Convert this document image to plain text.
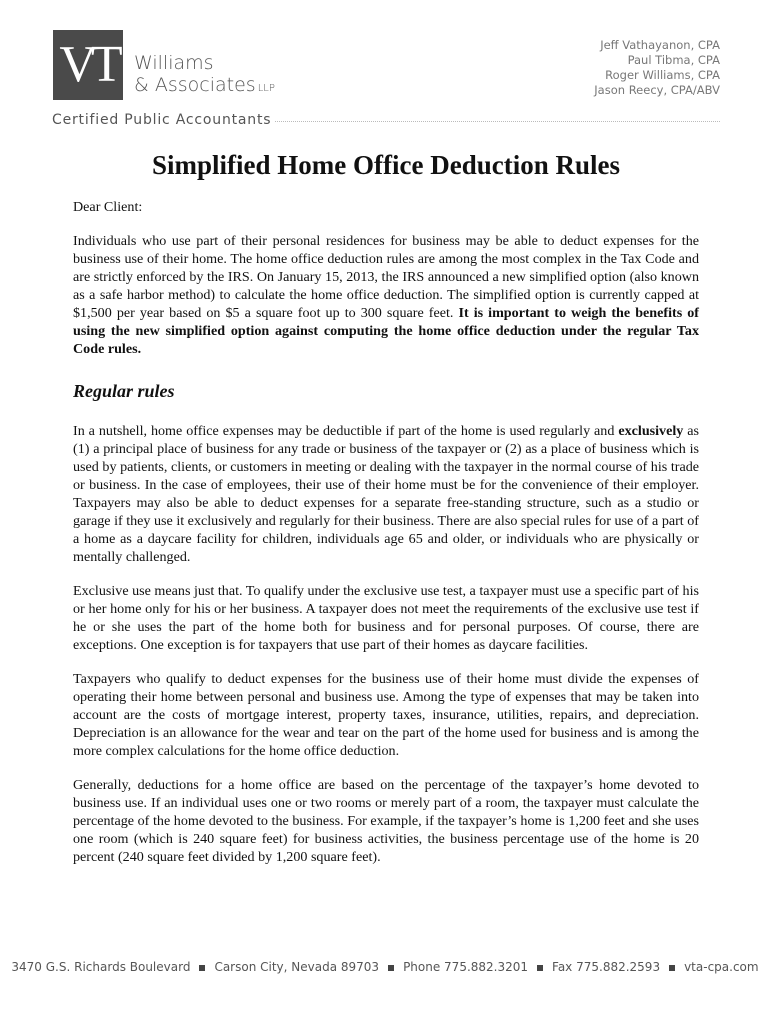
VT Williams
& Associates LLP
Jeff Vathayanon, CPA
Paul Tibma, CPA
Roger Williams, CPA
Jason Reecy, CPA/ABV
Certified Public Accountants
Simplified Home Office Deduction Rules

Dear Client:

Individuals who use part of their personal residences for business may be able to deduct expenses for the business use of their home. The home office deduction rules are among the most complex in the Tax Code and are strictly enforced by the IRS. On January 15, 2013, the IRS announced a new simplified option (also known as a safe harbor method) to calculate the home office deduction. The simplified option is currently capped at $1,500 per year based on $5 a square foot up to 300 square feet. It is important to weigh the benefits of using the new simplified option against computing the home office deduction under the regular Tax Code rules.

Regular rules

In a nutshell, home office expenses may be deductible if part of the home is used regularly and exclusively as (1) a principal place of business for any trade or business of the taxpayer or (2) as a place of business which is used by patients, clients, or customers in meeting or dealing with the taxpayer in the normal course of his trade or business. In the case of employees, their use of their home must be for the convenience of their employer. Taxpayers may also be able to deduct expenses for a separate free-standing structure, such as a studio or garage if they use it exclusively and regularly for their business. There are also special rules for use of a part of a home as a daycare facility for children, individuals age 65 and older, or individuals who are physically or mentally challenged.

Exclusive use means just that. To qualify under the exclusive use test, a taxpayer must use a specific part of his or her home only for his or her business. A taxpayer does not meet the requirements of the exclusive use test if he or she uses the part of the home both for business and for personal purposes. Of course, there are exceptions. One exception is for taxpayers that use part of their homes as daycare facilities.

Taxpayers who qualify to deduct expenses for the business use of their home must divide the expenses of operating their home between personal and business use. Among the type of expenses that may be taken into account are the costs of mortgage interest, property taxes, insurance, utilities, repairs, and depreciation. Depreciation is an allowance for the wear and tear on the part of the home used for business and is among the more complex calculations for the home office deduction.

Generally, deductions for a home office are based on the percentage of the taxpayer’s home devoted to business use. If an individual uses one or two rooms or merely part of a room, the taxpayer must calculate the percentage of the home devoted to the business. For example, if the taxpayer’s home is 1,200 feet and she uses one room (which is 240 square feet) for business activities, the business percentage use of the home is 20 percent (240 square feet divided by 1,200 square feet).

3470 G.S. Richards Boulevard Carson City, Nevada 89703 Phone 775.882.3201 Fax 775.882.2593 vta-cpa.com
